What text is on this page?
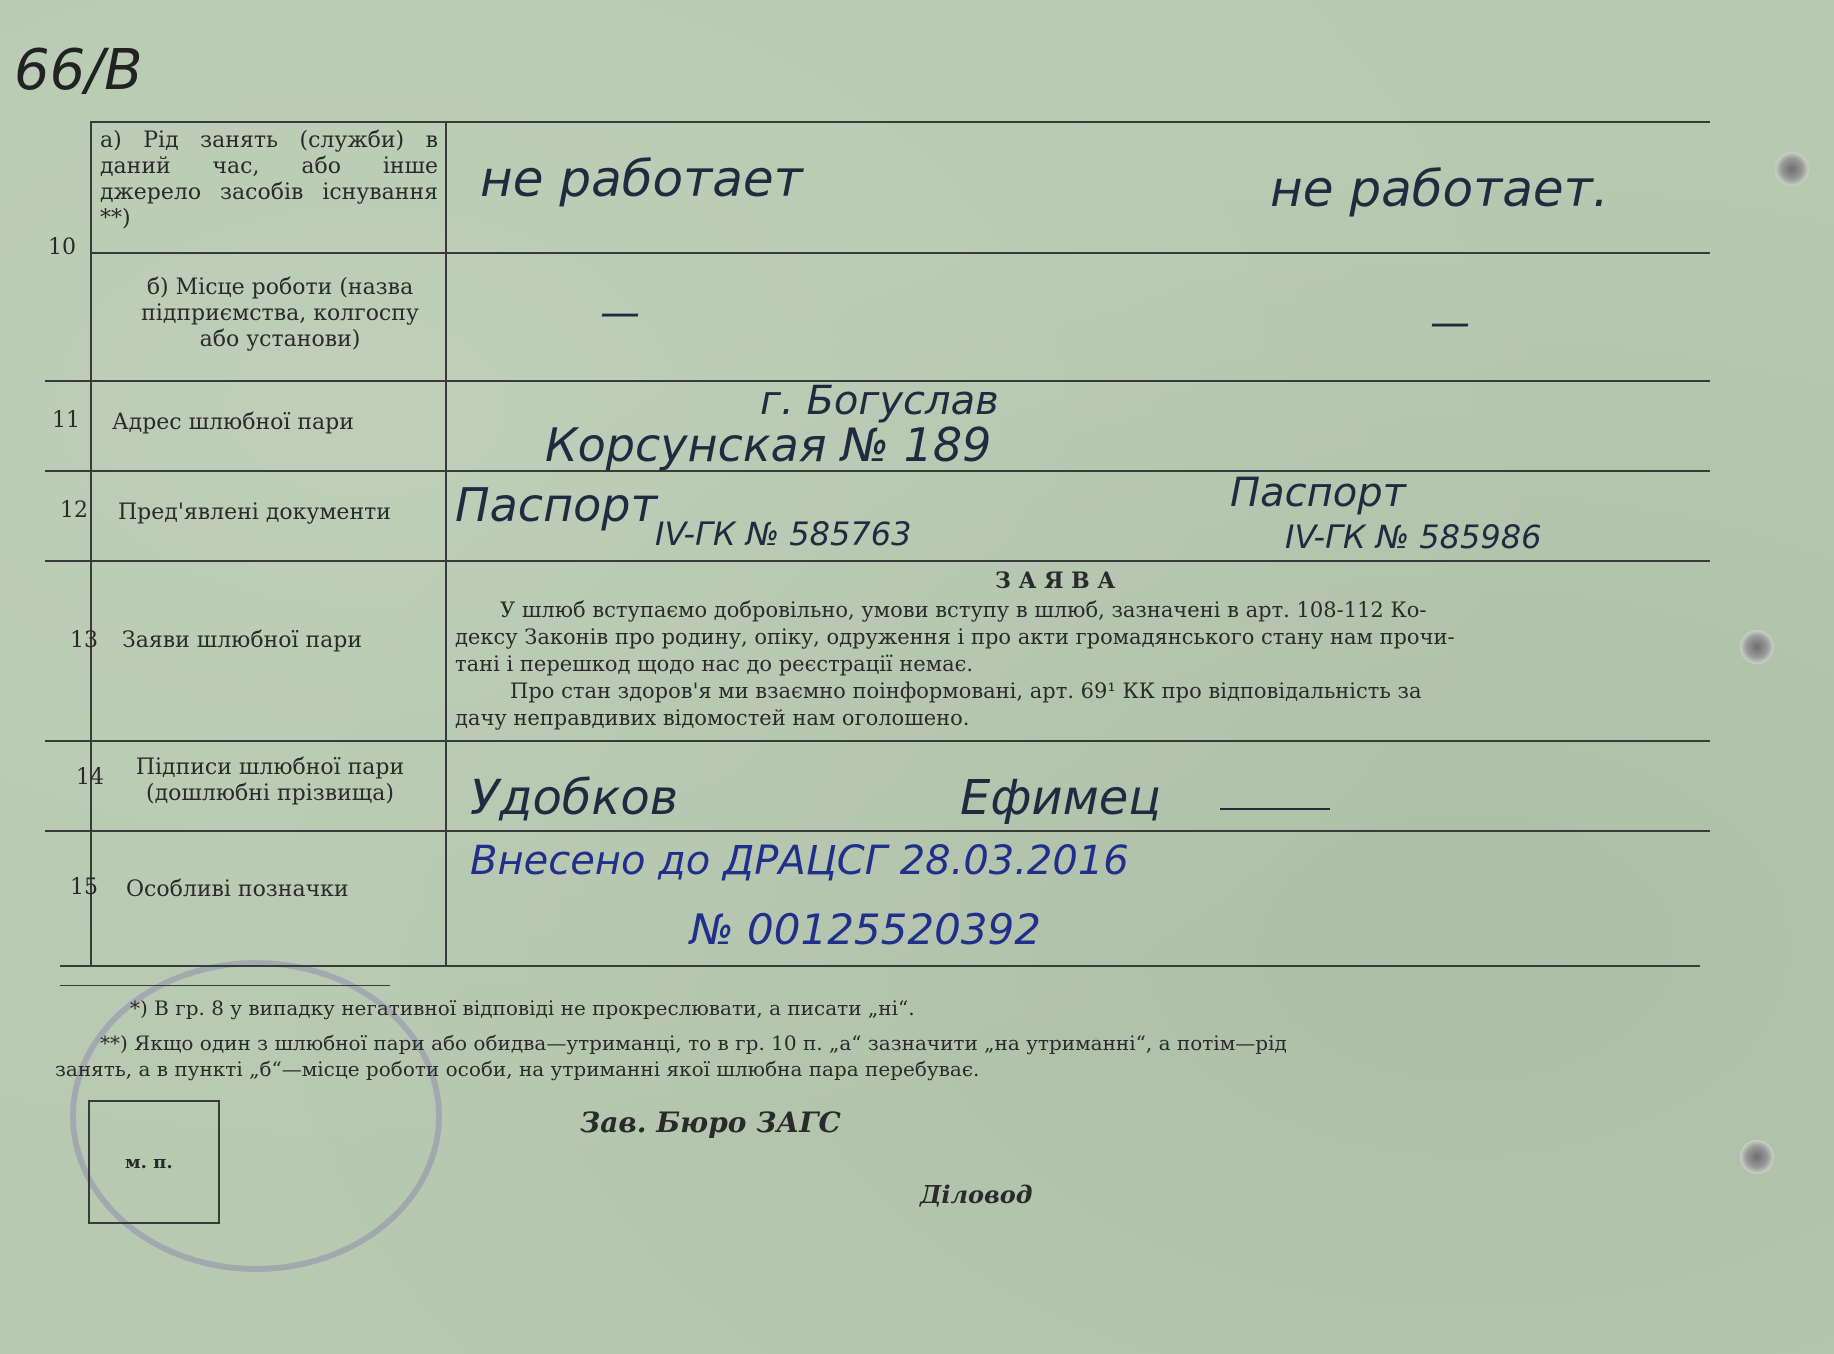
66/В
10
а) Рід занять (служби) в даний час, або інше джерело засобів існування **)
не работает	не работает.
б) Місце роботи (назва підприємства, колгоспу або установи)
—	—
11 Адрес шлюбної пари	г. Богуслав
Корсунская № 189
12 Пред'явлені документи	Паспорт
IV-ГК № 585763
Паспорт
IV-ГК № 585986
13 Заяви шлюбної пари
З А Я В А
У шлюб вступаємо добровільно, умови вступу в шлюб, зазначені в арт. 108-112 Ко-
дексу Законів про родину, опіку, одруження і про акти громадянського стану нам прочи-
тані і перешкод щодо нас до реєстрації немає.
Про стан здоров'я ми взаємно поінформовані, арт. 69¹ КК про відповідальність за
дачу неправдивих відомостей нам оголошено.
14	Підписи шлюбної пари (дошлюбні прізвища)	Удобков	Ефимец
15 Особливі позначки
Внесено до ДРАЦСГ 28.03.2016
№ 00125520392
*) В гр. 8 у випадку негативної відповіді не прокреслювати, а писати „ні“.
**) Якщо один з шлюбної пари або обидва—утриманці, то в гр. 10 п. „а“ зазначити „на утриманні“, а потім—рід
занять, а в пункті „б“—місце роботи особи, на утриманні якої шлюбна пара перебуває.
м. п.
Зав. Бюро ЗАГС
Діловод
